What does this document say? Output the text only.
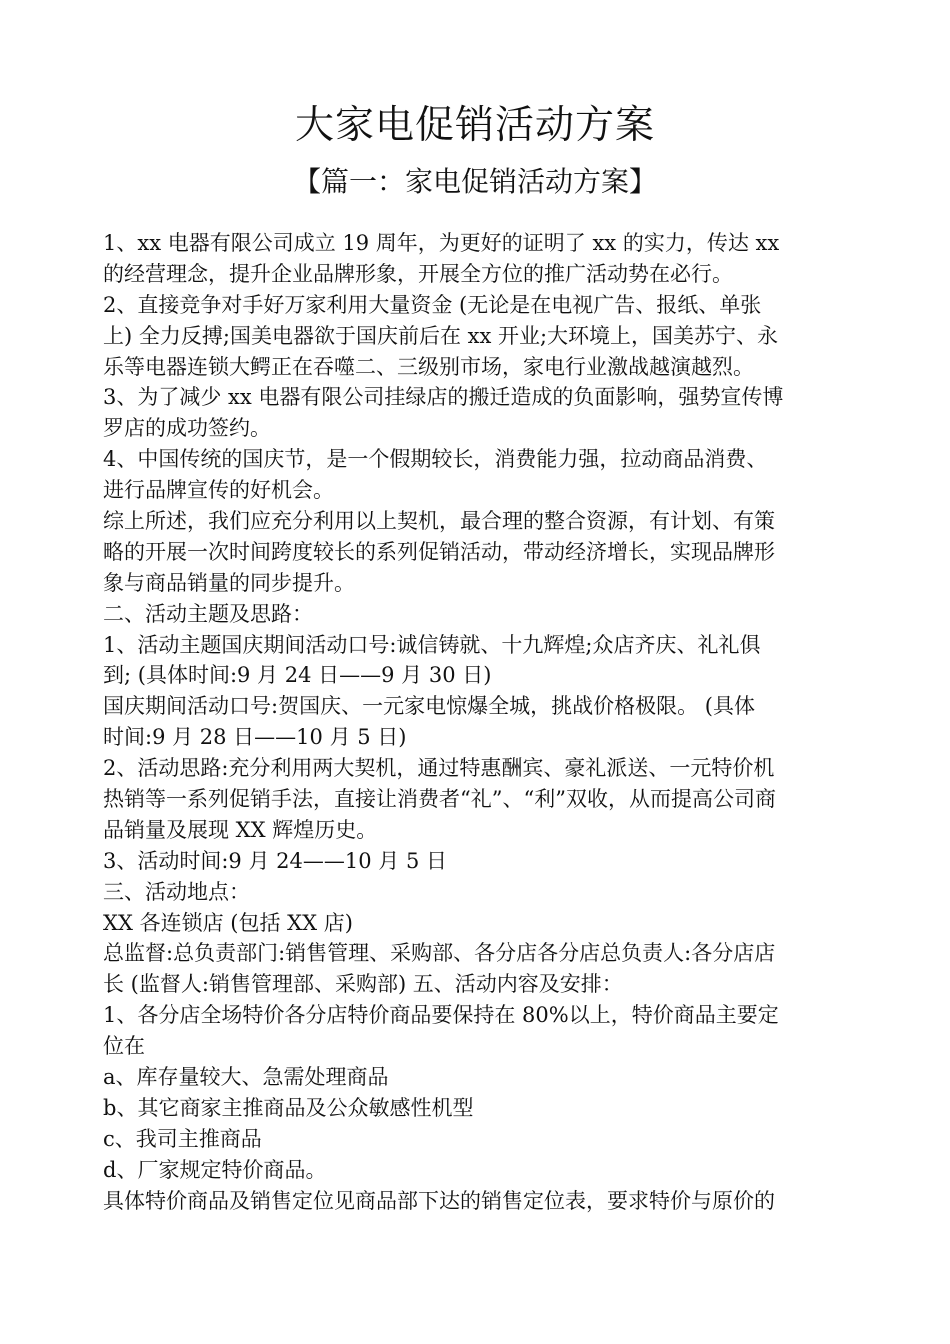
大家电促销活动方案
【篇一：家电促销活动方案】
1、xx 电器有限公司成立 19 周年，为更好的证明了 xx 的实力，传达 xx
的经营理念，提升企业品牌形象，开展全方位的推广活动势在必行。
2、直接竞争对手好万家利用大量资金 (无论是在电视广告、报纸、单张
上) 全力反搏;国美电器欲于国庆前后在 xx 开业;大环境上，国美苏宁、永
乐等电器连锁大鳄正在吞噬二、三级别市场，家电行业激战越演越烈。
3、为了减少 xx 电器有限公司挂绿店的搬迁造成的负面影响，强势宣传博
罗店的成功签约。
4、中国传统的国庆节，是一个假期较长，消费能力强，拉动商品消费、
进行品牌宣传的好机会。
综上所述，我们应充分利用以上契机，最合理的整合资源，有计划、有策
略的开展一次时间跨度较长的系列促销活动，带动经济增长，实现品牌形
象与商品销量的同步提升。
二、活动主题及思路：
1、活动主题国庆期间活动口号:诚信铸就、十九辉煌;众店齐庆、礼礼俱
到; (具体时间:9 月 24 日——9 月 30 日)
国庆期间活动口号:贺国庆、一元家电惊爆全城，挑战价格极限。 (具体
时间:9 月 28 日——10 月 5 日)
2、活动思路:充分利用两大契机，通过特惠酬宾、豪礼派送、一元特价机
热销等一系列促销手法，直接让消费者“礼”、“利”双收，从而提高公司商
品销量及展现 XX 辉煌历史。
3、活动时间:9 月 24——10 月 5 日
三、活动地点：
XX 各连锁店 (包括 XX 店)
总监督:总负责部门:销售管理、采购部、各分店各分店总负责人:各分店店
长 (监督人:销售管理部、采购部) 五、活动内容及安排：
1、各分店全场特价各分店特价商品要保持在 80%以上，特价商品主要定
位在
a、库存量较大、急需处理商品
b、其它商家主推商品及公众敏感性机型
c、我司主推商品
d、厂家规定特价商品。
具体特价商品及销售定位见商品部下达的销售定位表，要求特价与原价的
